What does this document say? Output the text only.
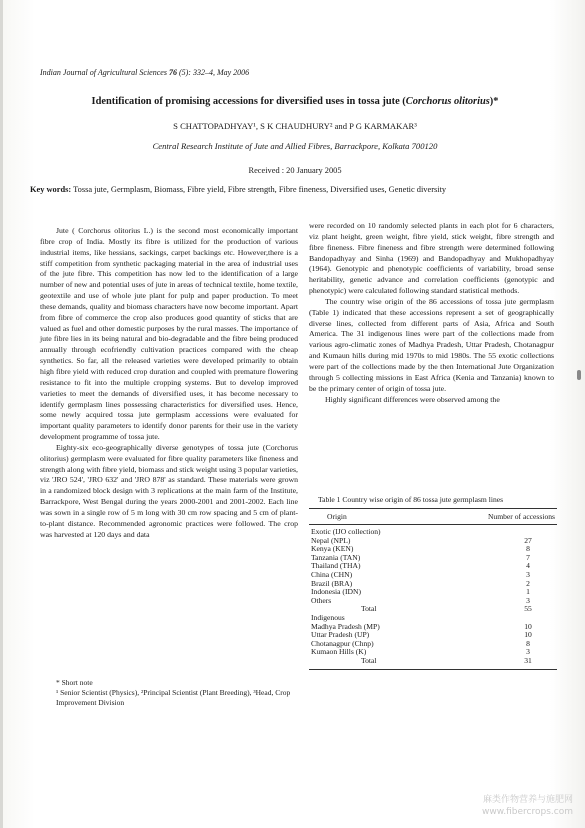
Indian Journal of Agricultural Sciences 76 (5): 332–4, May 2006
Identification of promising accessions for diversified uses in tossa jute (Corchorus olitorius)*
S CHATTOPADHYAY¹, S K CHAUDHURY² and P G KARMAKAR³
Central Research Institute of Jute and Allied Fibres, Barrackpore, Kolkata 700120
Received : 20 January 2005
Key words: Tossa jute, Germplasm, Biomass, Fibre yield, Fibre strength, Fibre fineness, Diversified uses, Genetic diversity

Jute ( Corchorus olitorius L.) is the second most economically important fibre crop of India. Mostly its fibre is utilized for the production of various industrial items, like hessians, sackings, carpet backings etc. However,there is a stiff competition from synthetic packaging material in the area of industrial uses of the jute fibre. This competition has now led to the identification of a large number of new and potential uses of jute in areas of technical textile, home textile, geotextile and use of whole jute plant for pulp and paper production. To meet these demands, quality and biomass characters have now become important. Apart from fibre of commerce the crop also produces good quantity of sticks that are valued as fuel and other domestic purposes by the rural masses. The importance of jute fibre lies in its being natural and bio-degradable and the fibre being produced annually through ecofriendly cultivation practices compared with the cheap synthetics. So far, all the released varieties were developed primarily to obtain high fibre yield with reduced crop duration and coupled with premature flowering resistance to fit into the multiple cropping systems. But to develop improved varieties to meet the demands of diversified uses, it has become necessary to identify germplasm lines possessing characteristics for diversified uses. Hence, some newly acquired tossa jute germplasm accessions were evaluated for important quality parameters to identify donor parents for their use in the variety development programme of tossa jute.

Eighty-six eco-geographically diverse genotypes of tossa jute (Corchorus olitorius) germplasm were evaluated for fibre quality parameters like fineness and strength along with fibre yield, biomass and stick weight using 3 popular varieties, viz 'JRO 524', 'JRO 632' and 'JRO 878' as standard. These materials were grown in a randomized block design with 3 replications at the main farm of the Institute, Barrackpore, West Bengal during the years 2000-2001 and 2001-2002. Each line was sown in a single row of 5 m long with 30 cm row spacing and 5 cm of plant-to-plant distance. Recommended agronomic practices were followed. The crop was harvested at 120 days and data

* Short note

¹ Senior Scientist (Physics), ²Principal Scientist (Plant Breeding), ³Head, Crop Improvement Division

were recorded on 10 randomly selected plants in each plot for 6 characters, viz plant height, green weight, fibre yield, stick weight, fibre strength and fibre fineness. Fibre fineness and fibre strength were determined following Bandopadhyay and Sinha (1969) and Bandopadhyay and Mukhopadhyay (1964). Genotypic and phenotypic coefficients of variability, broad sense heritability, genetic advance and correlation coefficients (genotypic and phenotypic) were calculated following standard statistical methods.

The country wise origin of the 86 accessions of tossa jute germplasm (Table 1) indicated that these accessions represent a set of geographically diverse lines, collected from different parts of Asia, Africa and South America. The 31 indigenous lines were part of the collections made from various agro-climatic zones of Madhya Pradesh, Uttar Pradesh, Chotanagpur and Kumaun hills during mid 1970s to mid 1980s. The 55 exotic collections were part of the collections made by the then International Jute Organization through 5 collecting missions in East Africa (Kenia and Tanzania) known to be the primary center of origin of tossa jute.

Highly significant differences were observed among the

Table 1 Country wise origin of 86 tossa jute germplasm lines
Origin	Number of accessions
Exotic (IJO collection)
Nepal (NPL)	27
Kenya (KEN)	8
Tanzania (TAN)	7
Thailand (THA)	4
China (CHN)	3
Brazil (BRA)	2
Indonesia (IDN)	1
Others	3
Total	55
Indigenous
Madhya Pradesh (MP)	10
Uttar Pradesh (UP)	10
Chotanagpur (Chnp)	8
Kumaon Hills (K)	3
Total	31
麻类作物营养与施肥网
www.fibercrops.com
